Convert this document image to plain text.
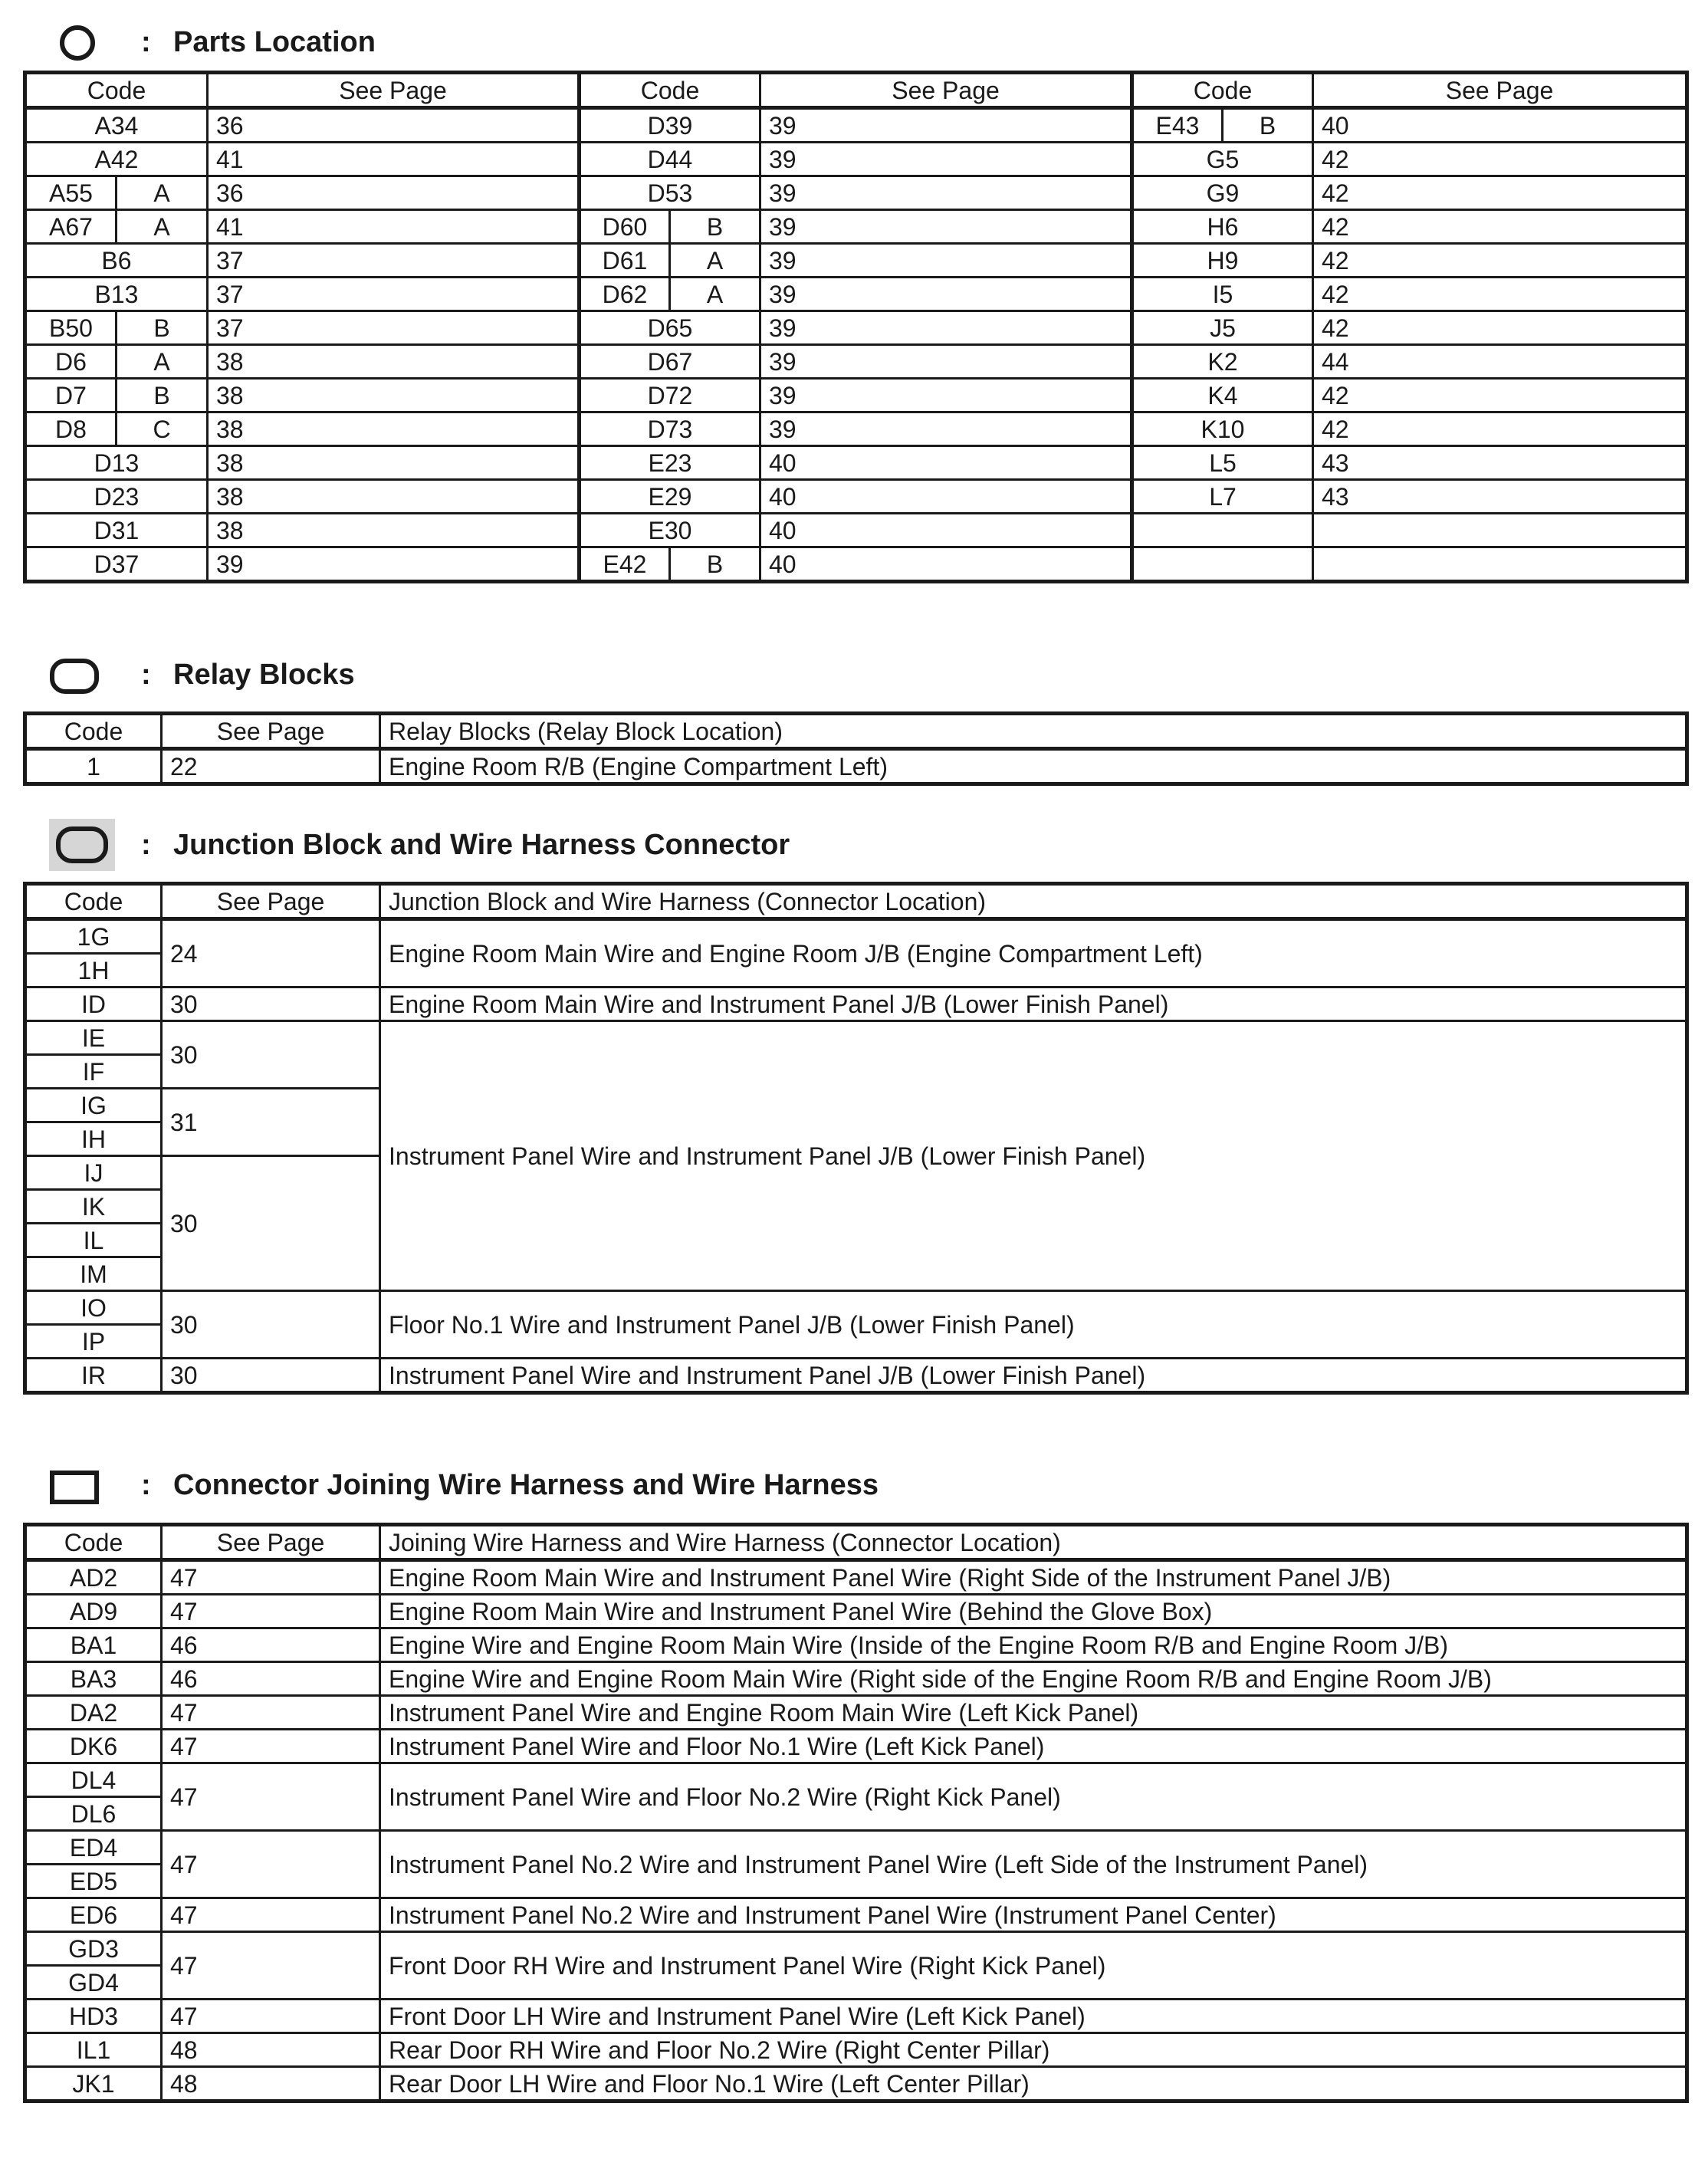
: Parts Location
Code		See Page	Code		See Page	Code		See Page
A34		36	D39		39	E43	B	40
A42		41	D44		39	G5		42
A55	A	36	D53		39	G9		42
A67	A	41	D60	B	39	H6		42
B6		37	D61	A	39	H9		42
B13		37	D62	A	39	I5		42
B50	B	37	D65		39	J5		42
D6	A	38	D67		39	K2		44
D7	B	38	D72		39	K4		42
D8	C	38	D73		39	K10		42
D13		38	E23		40	L5		43
D23		38	E29		40	L7		43
D31		38	E30		40			
D37		39	E42	B	40			
: Relay Blocks
Code	See Page	Relay Blocks (Relay Block Location)
1	22	Engine Room R/B (Engine Compartment Left)
: Junction Block and Wire Harness Connector
Code	See Page	Junction Block and Wire Harness (Connector Location)
1G	24	Engine Room Main Wire and Engine Room J/B (Engine Compartment Left)
1H		
ID	30	Engine Room Main Wire and Instrument Panel J/B (Lower Finish Panel)
IE	30	Instrument Panel Wire and Instrument Panel J/B (Lower Finish Panel)
IF		
IG	31	
IH		
IJ	30	
IK		
IL		
IM		
IO	30	Floor No.1 Wire and Instrument Panel J/B (Lower Finish Panel)
IP		
IR	30	Instrument Panel Wire and Instrument Panel J/B (Lower Finish Panel)
: Connector Joining Wire Harness and Wire Harness
Code	See Page	Joining Wire Harness and Wire Harness (Connector Location)
AD2	47	Engine Room Main Wire and Instrument Panel Wire (Right Side of the Instrument Panel J/B)
AD9	47	Engine Room Main Wire and Instrument Panel Wire (Behind the Glove Box)
BA1	46	Engine Wire and Engine Room Main Wire (Inside of the Engine Room R/B and Engine Room J/B)
BA3	46	Engine Wire and Engine Room Main Wire (Right side of the Engine Room R/B and Engine Room J/B)
DA2	47	Instrument Panel Wire and Engine Room Main Wire (Left Kick Panel)
DK6	47	Instrument Panel Wire and Floor No.1 Wire (Left Kick Panel)
DL4	47	Instrument Panel Wire and Floor No.2 Wire (Right Kick Panel)
DL6		
ED4	47	Instrument Panel No.2 Wire and Instrument Panel Wire (Left Side of the Instrument Panel)
ED5		
ED6	47	Instrument Panel No.2 Wire and Instrument Panel Wire (Instrument Panel Center)
GD3	47	Front Door RH Wire and Instrument Panel Wire (Right Kick Panel)
GD4		
HD3	47	Front Door LH Wire and Instrument Panel Wire (Left Kick Panel)
IL1	48	Rear Door RH Wire and Floor No.2 Wire (Right Center Pillar)
JK1	48	Rear Door LH Wire and Floor No.1 Wire (Left Center Pillar)
